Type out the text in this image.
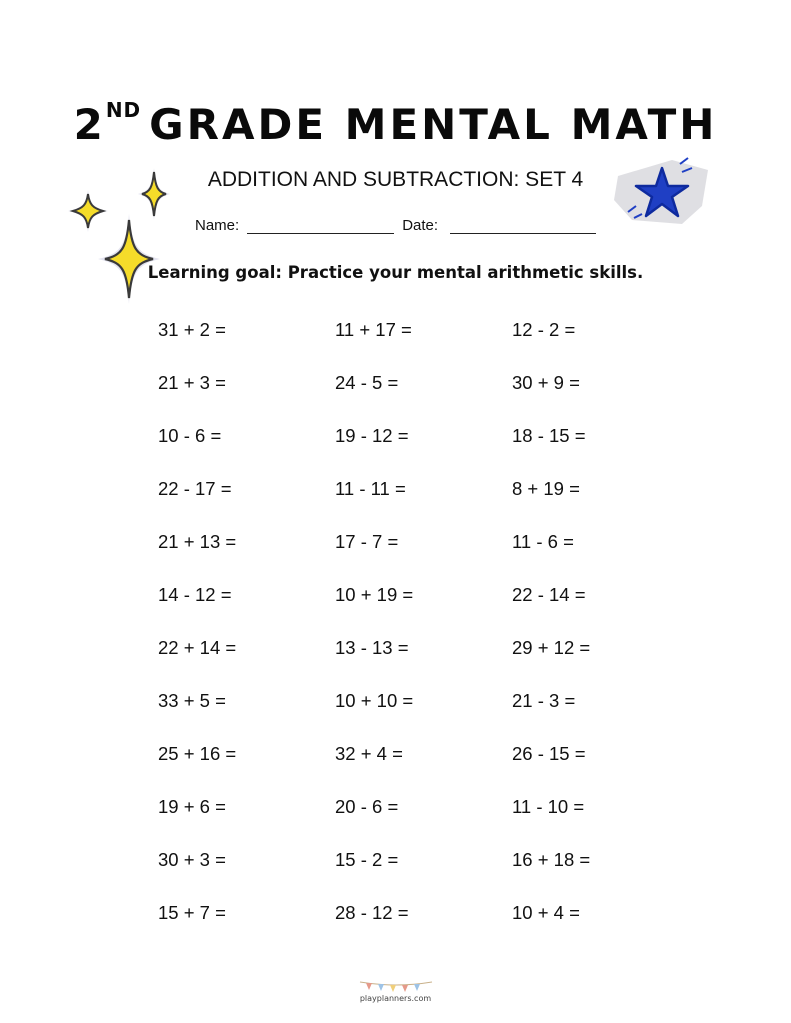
2ND GRADE MENTAL MATH
ADDITION AND SUBTRACTION: SET 4
Name:	Date:
Learning goal: Practice your mental arithmetic skills.
31 + 2 =	11 + 17 =	12 - 2 =
21 + 3 =	24 - 5 =	30 + 9 =
10 - 6 =	19 - 12 =	18 - 15 =
22 - 17 =	11 - 11 =	8 + 19 =
21 + 13 =	17 - 7 =	11 - 6 =
14 - 12 =	10 + 19 =	22 - 14 =
22 + 14 =	13 - 13 =	29 + 12 =
33 + 5 =	10 + 10 =	21 - 3 =
25 + 16 =	32 + 4 =	26 - 15 =
19 + 6 =	20 - 6 =	11 - 10 =
30 + 3 =	15 - 2 =	16 + 18 =
15 + 7 =	28 - 12 =	10 + 4 =
playplanners.com
